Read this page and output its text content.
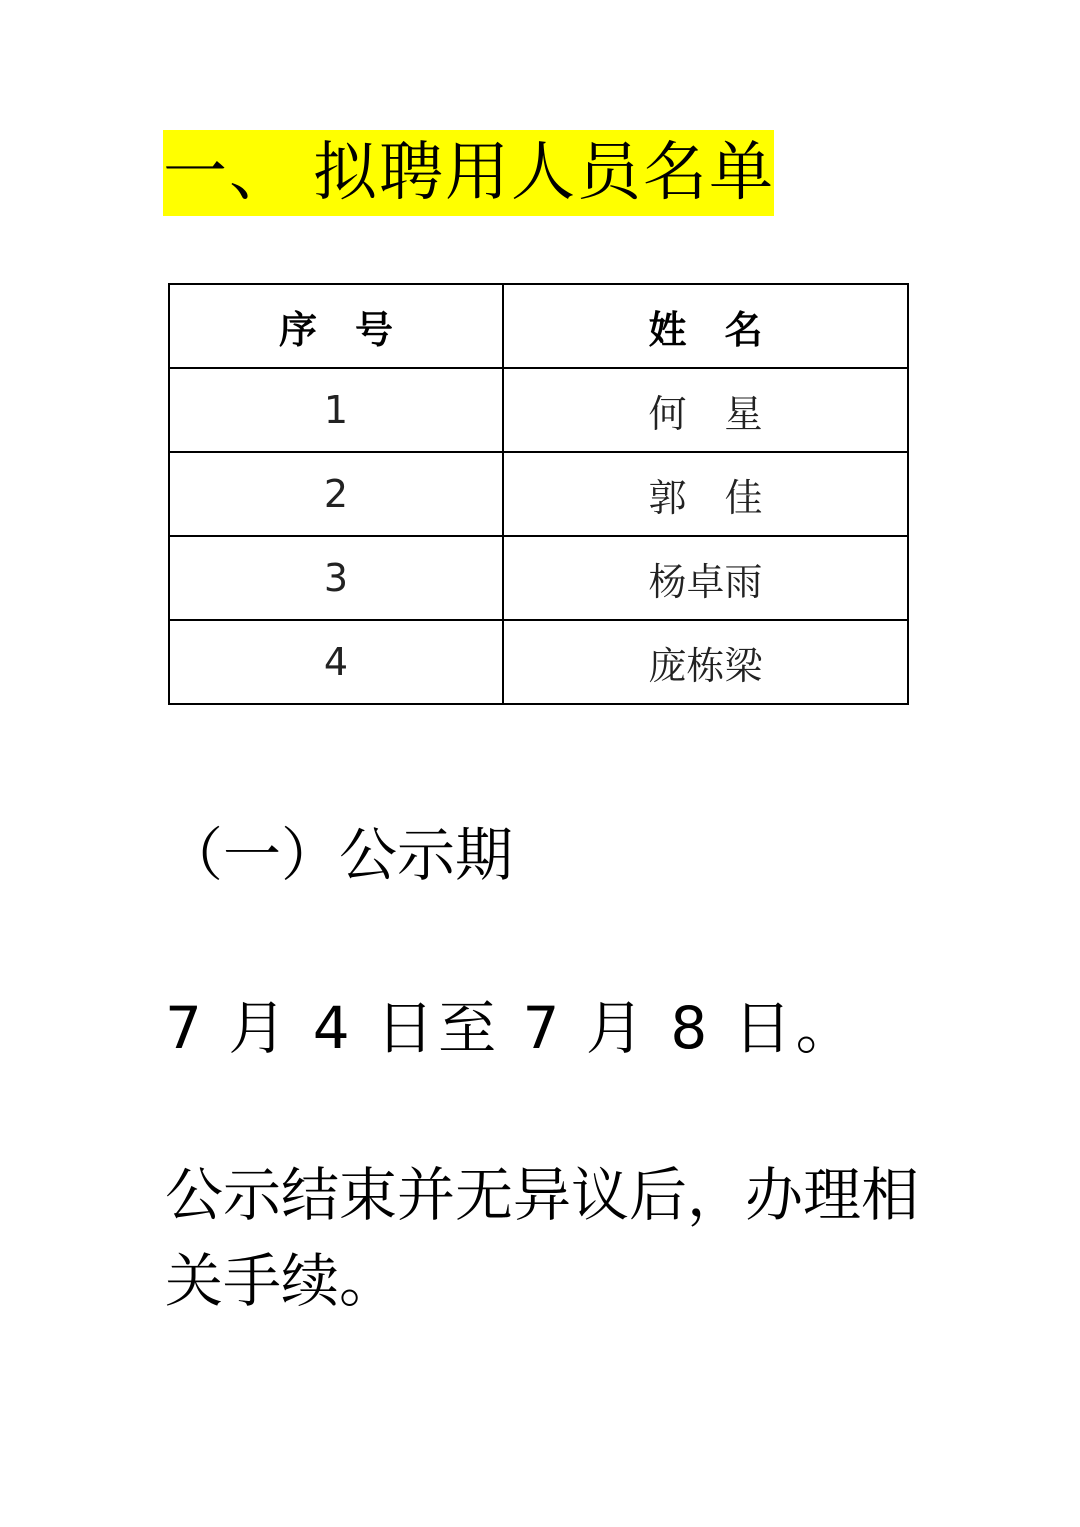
一、 拟聘用人员名单
序　号	姓　名
1	何　星
2	郭　佳
3	杨卓雨
4	庞栋梁
（一）公示期
7 月 4 日至 7 月 8 日。
公示结束并无异议后，办理相关手续。
